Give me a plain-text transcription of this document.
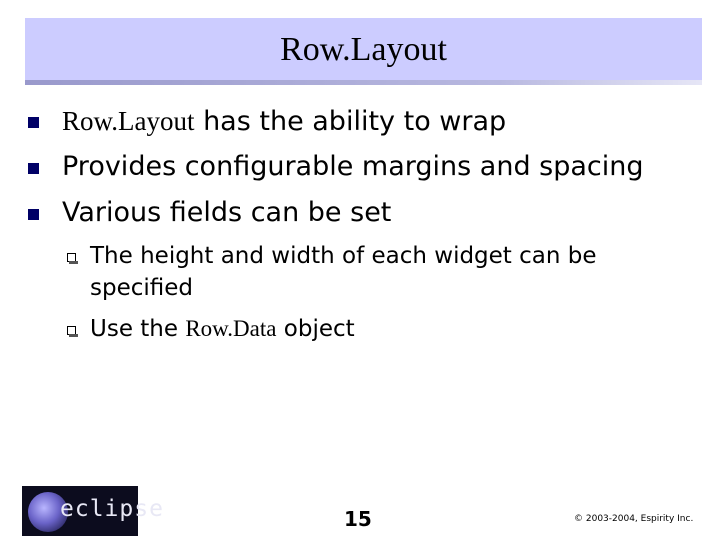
Row.Layout
Row.Layout has the ability to wrap
Provides configurable margins and spacing
Various fields can be set
The height and width of each widget can be
specified
Use the Row.Data object
eclipse	15	© 2003-2004, Espirity Inc.
